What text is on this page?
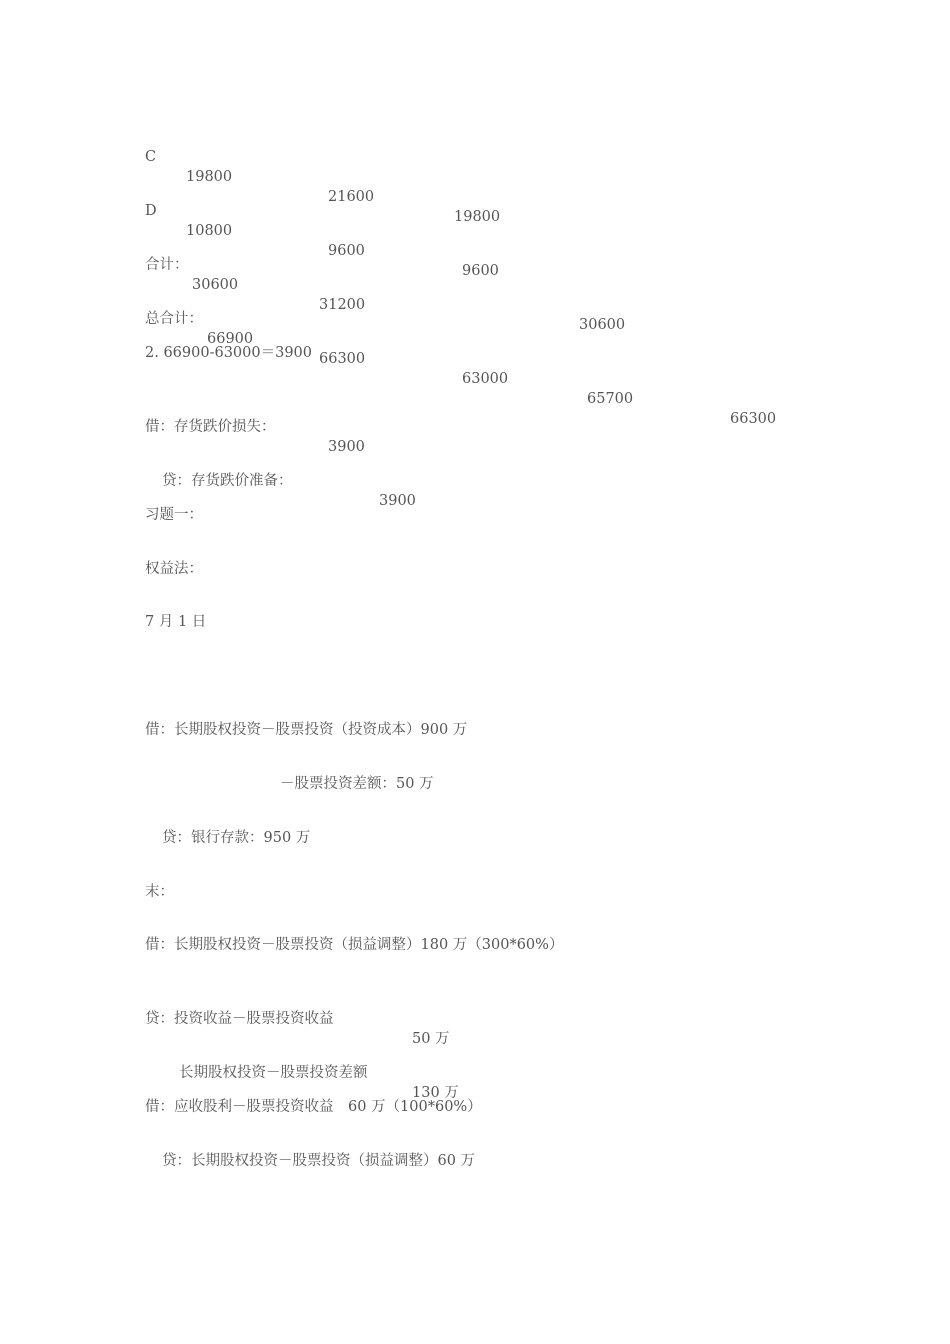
C

19800

21600

19800

D

10800

9600

9600

合计：

30600

31200

30600

总合计：

66900

66300

63000

65700

66300

2. 66900-63000＝3900

借：存货跌价损失：

3900

贷：存货跌价准备：

3900

习题一：
权益法：
7 月 1 日
借：长期股权投资－股票投资（投资成本）900 万
－股票投资差额：50 万
贷：银行存款：950 万
末：
借：长期股权投资－股票投资（损益调整）180 万（300*60%）

贷：投资收益－股票投资收益

50 万

长期股权投资－股票投资差额

130 万

借：应收股利－股票投资收益　60 万（100*60%）
贷：长期股权投资－股票投资（损益调整）60 万
